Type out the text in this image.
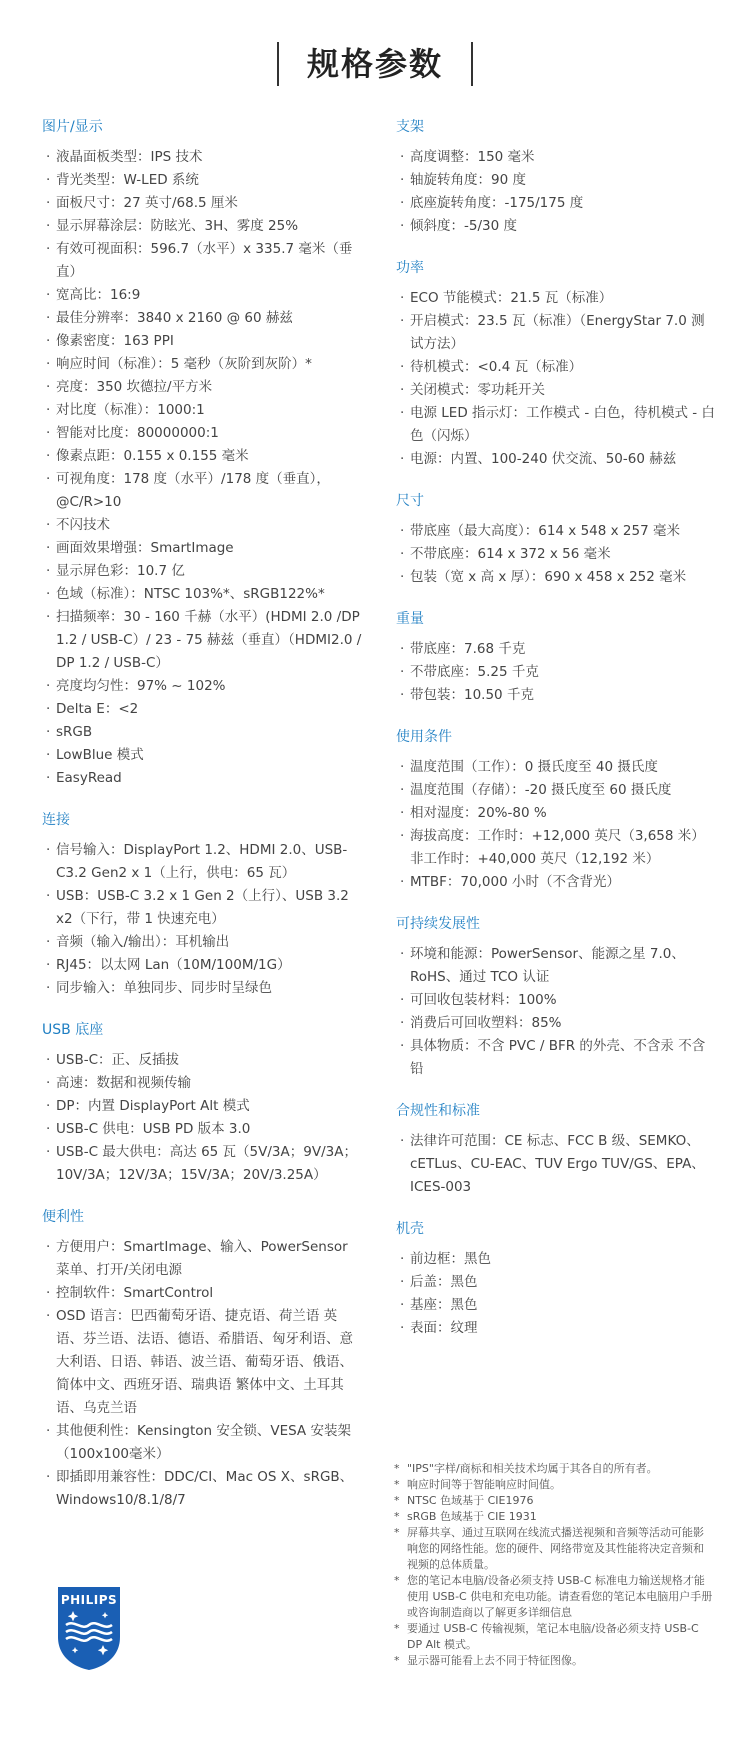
规格参数
图片/显示
· 液晶面板类型：IPS 技术
· 背光类型：W-LED 系统
· 面板尺寸：27 英寸/68.5 厘米
· 显示屏幕涂层：防眩光、3H、雾度 25%
· 有效可视面积：596.7（水平）x 335.7 毫米（垂直）
· 宽高比：16:9
· 最佳分辨率：3840 x 2160 @ 60 赫兹
· 像素密度：163 PPI
· 响应时间（标准）：5 毫秒（灰阶到灰阶）*
· 亮度：350 坎德拉/平方米
· 对比度（标准）：1000:1
· 智能对比度：80000000:1
· 像素点距：0.155 x 0.155 毫米
· 可视角度：178 度（水平）/178 度（垂直），@C/R>10
· 不闪技术
· 画面效果增强：SmartImage
· 显示屏色彩：10.7 亿
· 色域（标准）：NTSC 103%*、sRGB122%*
· 扫描频率：30 - 160 千赫（水平）(HDMI 2.0 /DP 1.2 / USB-C）/ 23 - 75 赫兹（垂直）（HDMI2.0 / DP 1.2 / USB-C）
· 亮度均匀性：97% ~ 102%
· Delta E：<2
· sRGB
· LowBlue 模式
· EasyRead
连接
· 信号输入：DisplayPort 1.2、HDMI 2.0、USB-C3.2 Gen2 x 1（上行，供电：65 瓦）
· USB：USB-C 3.2 x 1 Gen 2（上行）、USB 3.2 x2（下行，带 1 快速充电）
· 音频（输入/输出）：耳机输出
· RJ45：以太网 Lan（10M/100M/1G）
· 同步输入：单独同步、同步时呈绿色
USB 底座
· USB-C：正、反插拔
· 高速：数据和视频传输
· DP：内置 DisplayPort Alt 模式
· USB-C 供电：USB PD 版本 3.0
· USB-C 最大供电：高达 65 瓦（5V/3A；9V/3A；10V/3A；12V/3A；15V/3A；20V/3.25A）
便利性
· 方便用户：SmartImage、输入、PowerSensor 菜单、打开/关闭电源
· 控制软件：SmartControl
· OSD 语言：巴西葡萄牙语、捷克语、荷兰语 英语、芬兰语、法语、德语、希腊语、匈牙利语、意大利语、日语、韩语、波兰语、葡萄牙语、俄语、简体中文、西班牙语、瑞典语 繁体中文、土耳其语、乌克兰语
· 其他便利性：Kensington 安全锁、VESA 安装架（100x100毫米）
· 即插即用兼容性：DDC/CI、Mac OS X、sRGB、Windows10/8.1/8/7
支架
· 高度调整：150 毫米
· 轴旋转角度：90 度
· 底座旋转角度：-175/175 度
· 倾斜度：-5/30 度
功率
· ECO 节能模式：21.5 瓦（标准）
· 开启模式：23.5 瓦（标准）（EnergyStar 7.0 测试方法）
· 待机模式：<0.4 瓦（标准）
· 关闭模式：零功耗开关
· 电源 LED 指示灯：工作模式 - 白色，待机模式 - 白色（闪烁）
· 电源：内置、100-240 伏交流、50-60 赫兹
尺寸
· 带底座（最大高度）：614 x 548 x 257 毫米
· 不带底座：614 x 372 x 56 毫米
· 包装（宽 x 高 x 厚）：690 x 458 x 252 毫米
重量
· 带底座：7.68 千克
· 不带底座：5.25 千克
· 带包装：10.50 千克
使用条件
· 温度范围（工作）：0 摄氏度至 40 摄氏度
· 温度范围（存储）：-20 摄氏度至 60 摄氏度
· 相对湿度：20%-80 %
· 海拔高度：工作时：+12,000 英尺（3,658 米）非工作时：+40,000 英尺（12,192 米）
· MTBF：70,000 小时（不含背光）
可持续发展性
· 环境和能源：PowerSensor、能源之星 7.0、RoHS、通过 TCO 认证
· 可回收包装材料：100%
· 消费后可回收塑料：85%
· 具体物质：不含 PVC / BFR 的外壳、不含汞 不含铅
合规性和标准
· 法律许可范围：CE 标志、FCC B 级、SEMKO、cETLus、CU-EAC、TUV Ergo TUV/GS、EPA、ICES-003
机壳
· 前边框：黑色
· 后盖：黑色
· 基座：黑色
· 表面：纹理
* "IPS"字样/商标和相关技术均属于其各自的所有者。
* 响应时间等于智能响应时间值。
* NTSC 色域基于 CIE1976
* sRGB 色域基于 CIE 1931
* 屏幕共享、通过互联网在线流式播送视频和音频等活动可能影响您的网络性能。您的硬件、网络带宽及其性能将决定音频和视频的总体质量。
* 您的笔记本电脑/设备必须支持 USB-C 标准电力输送规格才能使用 USB-C 供电和充电功能。请查看您的笔记本电脑用户手册或咨询制造商以了解更多详细信息
* 要通过 USB-C 传输视频，笔记本电脑/设备必须支持 USB-C DP Alt 模式。
* 显示器可能看上去不同于特征图像。
PHILIPS
